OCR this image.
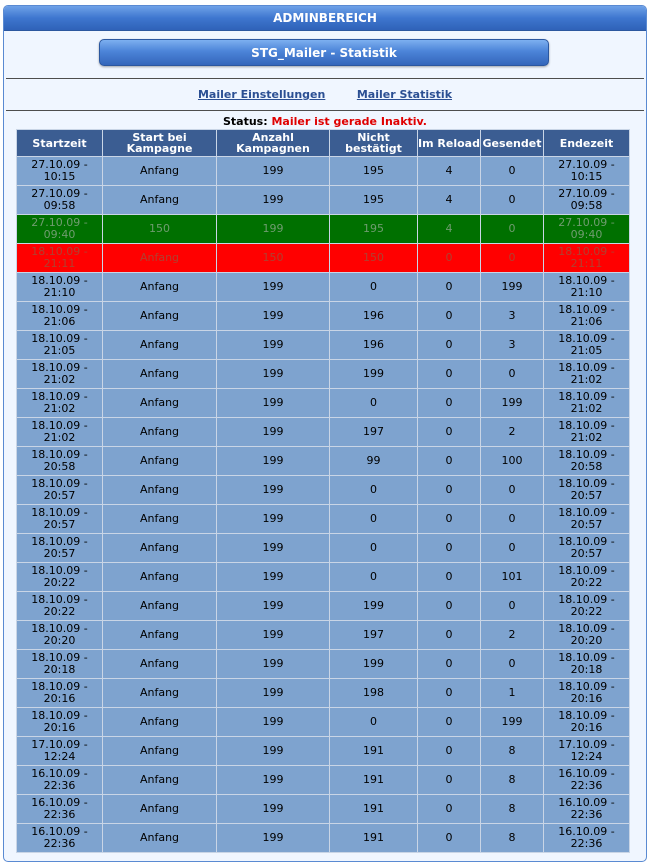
ADMINBEREICH
STG_Mailer - Statistik
Mailer Einstellungen	Mailer Statistik
Status: Mailer ist gerade Inaktiv.
Startzeit	Start bei Kampagne	Anzahl Kampagnen	Nicht bestätigt	Im Reload	Gesendet	Endezeit
27.10.09 - 10:15	Anfang	199	195	4	0	27.10.09 - 10:15
27.10.09 - 09:58	Anfang	199	195	4	0	27.10.09 - 09:58
27.10.09 - 09:40	150	199	195	4	0	27.10.09 - 09:40
18.10.09 - 21:11	Anfang	150	150	0	0	18.10.09 - 21:11
18.10.09 - 21:10	Anfang	199	0	0	199	18.10.09 - 21:10
18.10.09 - 21:06	Anfang	199	196	0	3	18.10.09 - 21:06
18.10.09 - 21:05	Anfang	199	196	0	3	18.10.09 - 21:05
18.10.09 - 21:02	Anfang	199	199	0	0	18.10.09 - 21:02
18.10.09 - 21:02	Anfang	199	0	0	199	18.10.09 - 21:02
18.10.09 - 21:02	Anfang	199	197	0	2	18.10.09 - 21:02
18.10.09 - 20:58	Anfang	199	99	0	100	18.10.09 - 20:58
18.10.09 - 20:57	Anfang	199	0	0	0	18.10.09 - 20:57
18.10.09 - 20:57	Anfang	199	0	0	0	18.10.09 - 20:57
18.10.09 - 20:57	Anfang	199	0	0	0	18.10.09 - 20:57
18.10.09 - 20:22	Anfang	199	0	0	101	18.10.09 - 20:22
18.10.09 - 20:22	Anfang	199	199	0	0	18.10.09 - 20:22
18.10.09 - 20:20	Anfang	199	197	0	2	18.10.09 - 20:20
18.10.09 - 20:18	Anfang	199	199	0	0	18.10.09 - 20:18
18.10.09 - 20:16	Anfang	199	198	0	1	18.10.09 - 20:16
18.10.09 - 20:16	Anfang	199	0	0	199	18.10.09 - 20:16
17.10.09 - 12:24	Anfang	199	191	0	8	17.10.09 - 12:24
16.10.09 - 22:36	Anfang	199	191	0	8	16.10.09 - 22:36
16.10.09 - 22:36	Anfang	199	191	0	8	16.10.09 - 22:36
16.10.09 - 22:36	Anfang	199	191	0	8	16.10.09 - 22:36
